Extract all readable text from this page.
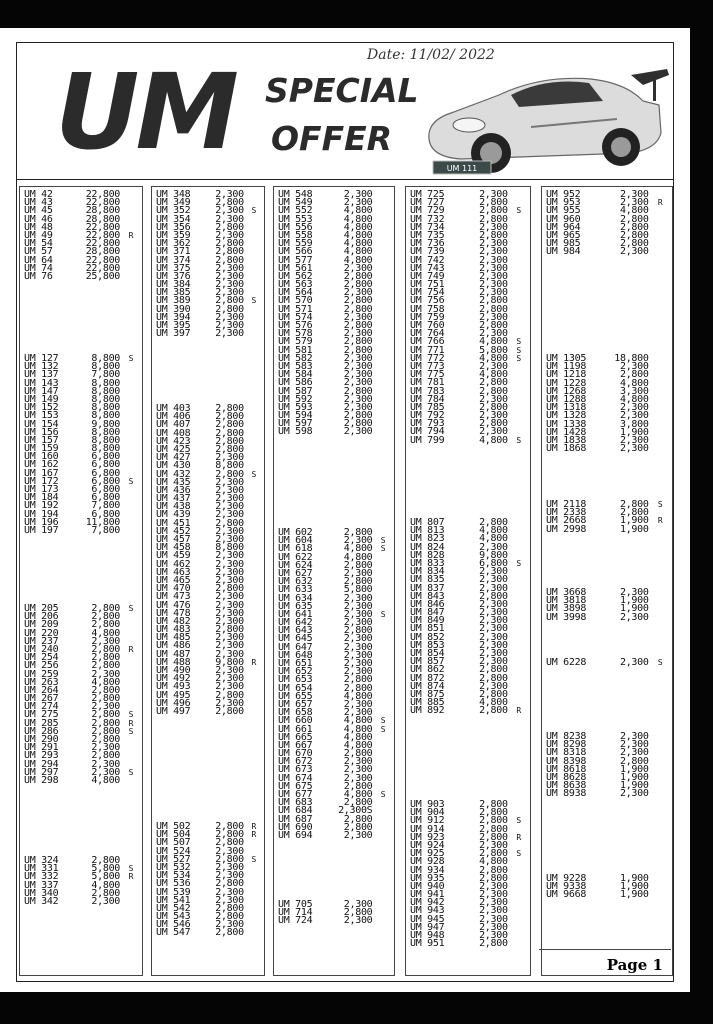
UM SPECIAL
OFFER
Date: 11/02/ 2022
UM 111
UM 42	22,800
UM 43	22,800
UM 45	28,800
UM 46	28,800
UM 48	22,800
UM 49	22,800	R
UM 54	22,800
UM 57	28,800
UM 64	22,800
UM 74	22,800
UM 76	25,800
UM 127	8,800	S
UM 132	8,800
UM 137	7,800
UM 143	8,800
UM 147	8,800
UM 149	8,800
UM 152	8,800
UM 153	8,800
UM 154	9,800
UM 156	8,800
UM 157	8,800
UM 159	8,800
UM 160	6,800
UM 162	6,800
UM 167	6,800
UM 172	6,800	S
UM 173	6,800
UM 184	6,800
UM 192	7,800
UM 194	6,800
UM 196	11,800
UM 197	7,800
UM 205	2,800	S
UM 206	2,800
UM 209	2,800
UM 220	4,800
UM 237	2,300
UM 240	2,800	R
UM 254	2,800
UM 256	2,800
UM 259	2,300
UM 263	4,800
UM 264	2,800
UM 267	2,800
UM 274	2,300
UM 275	2,800	S
UM 285	2,800	R
UM 286	2,800	S
UM 290	2,800
UM 291	2,300
UM 293	2,800
UM 294	2,300
UM 297	2,300	S
UM 298	4,800
UM 324	2,800
UM 331	5,800	S
UM 332	5,800	R
UM 337	4,800
UM 340	2,800
UM 342	2,300
UM 348	2,300
UM 349	2,800
UM 352	2,300 S
UM 354	2,300
UM 356	2,800
UM 359	2,300
UM 362	2,800
UM 371	2,800
UM 374	2,800
UM 375	2,300
UM 376	2,300
UM 384	2,300
UM 385	2,300
UM 389	2,800 S
UM 390	2,800
UM 394	2,300
UM 395	2,300
UM 397	2,300
UM 403	2,800
UM 406	2,800
UM 407	2,800
UM 408	2,800
UM 423	2,800
UM 425	2,800
UM 427	2,300
UM 430	8,800
UM 432	2,800 S
UM 435	2,300
UM 436	2,300
UM 437	2,300
UM 438	2,300
UM 439	2,300
UM 451	2,800
UM 452	2,300
UM 457	2,300
UM 458	8,800
UM 459	2,300
UM 462	2,300
UM 463	2,300
UM 465	2,300
UM 470	2,800
UM 473	2,300
UM 476	2,300
UM 478	2,300
UM 482	2,300
UM 483	2,800
UM 485	2,300
UM 486	2,300
UM 487	2,300
UM 488	9,800 R
UM 490	2,300
UM 492	2,300
UM 493	2,300
UM 495	2,800
UM 496	2,300
UM 497	2,800
UM 502	2,800 R
UM 504	2,800 R
UM 507	2,800
UM 524	2,300
UM 527	2,800 S
UM 532	2,300
UM 534	2,300
UM 536	2,800
UM 539	2,300
UM 541	2,300
UM 542	2,800
UM 543	2,800
UM 546	2,300
UM 547	2,800
UM 548	2,300
UM 549	2,300
UM 552	4,800
UM 553	4,800
UM 556	4,800
UM 558	4,800
UM 559	4,800
UM 566	4,800
UM 577	4,800
UM 561	2,300
UM 562	2,800
UM 563	2,800
UM 564	2,300
UM 570	2,800
UM 571	2,800
UM 574	2,300
UM 576	2,800
UM 578	2,300
UM 579	2,800
UM 581	2,800
UM 582	2,300
UM 583	2,300
UM 584	2,300
UM 586	2,300
UM 587	2,800
UM 592	2,300
UM 593	2,300
UM 594	2,800
UM 597	2,800
UM 598	2,300
UM 602	2,800
UM 604	2,300	S
UM 618	4,800	S
UM 622	4,800
UM 624	2,800
UM 627	2,300
UM 632	2,800
UM 633	5,800
UM 634	2,300
UM 635	2,300
UM 641	2,300	S
UM 642	2,300
UM 643	2,800
UM 645	2,300
UM 647	2,300
UM 648	2,300
UM 651	2,300
UM 652	2,300
UM 653	2,800
UM 654	2,800
UM 655	4,800
UM 657	2,300
UM 658	2,300
UM 660	4,800	S
UM 661	4,800	S
UM 665	4,800
UM 667	4,800
UM 670	2,800
UM 672	2,300
UM 673	2,300
UM 674	2,300
UM 675	2,800
UM 677	4,800	S
UM 683	2,800
UM 684	2,300S
UM 687	2,800
UM 690	2,800
UM 694	2,300
UM 705	2,300
UM 714	2,800
UM 724	2,300
UM 725	2,300
UM 727	2,800
UM 729	2,800	S
UM 732	2,800
UM 734	2,300
UM 735	2,800
UM 736	2,300
UM 739	2,300
UM 742	2,300
UM 743	2,300
UM 749	2,300
UM 751	2,300
UM 754	2,300
UM 756	2,800
UM 758	2,800
UM 759	2,300
UM 760	2,800
UM 764	2,300
UM 766	4,800	S
UM 771	5,800	S
UM 772	4,800	S
UM 773	2,300
UM 775	4,800
UM 781	2,800
UM 783	2,800
UM 784	2,300
UM 785	2,800
UM 792	2,300
UM 793	2,800
UM 794	2,300
UM 799	4,800	S
UM 807	2,800
UM 813	4,800
UM 823	4,800
UM 824	2,300
UM 828	9,800
UM 833	6,800	S
UM 834	2,300
UM 835	2,300
UM 837	2,300
UM 843	2,800
UM 846	2,300
UM 847	2,300
UM 849	2,300
UM 851	2,300
UM 852	2,300
UM 853	2,300
UM 854	2,300
UM 857	2,300
UM 862	2,800
UM 872	2,800
UM 874	2,300
UM 875	2,800
UM 885	4,800
UM 892	2,800	R
UM 903	2,800
UM 904	2,800
UM 912	2,800	S
UM 914	2,800
UM 923	2,800	R
UM 924	2,300
UM 925	2,800	S
UM 928	4,800
UM 934	2,800
UM 935	2,800
UM 940	2,300
UM 941	2,300
UM 942	2,300
UM 943	2,300
UM 945	2,300
UM 947	2,300
UM 948	2,300
UM 951	2,800
UM 952	2,300
UM 953	2,300	R
UM 955	4,800
UM 960	2,800
UM 964	2,800
UM 965	2,800
UM 985	2,800
UM 984	2,300
UM 1305	18,800
UM 1198	2,300
UM 1218	2,800
UM 1228	4,800
UM 1268	3,300
UM 1288	4,800
UM 1318	2,300
UM 1328	2,300
UM 1338	3,800
UM 1428	1,900
UM 1838	2,300
UM 1868	2,300
UM 2118	2,800	S
UM 2338	2,800
UM 2668	1,900	R
UM 2998	1,900
UM 3668	2,300
UM 3818	1,900
UM 3898	1,900
UM 3998	2,300
UM 6228	2,300	S
UM 8238	2,300
UM 8298	2,300
UM 8318	2,300
UM 8398	2,800
UM 8618	1,900
UM 8628	1,900
UM 8638	1,900
UM 8938	2,300
UM 9228	1,900
UM 9338	1,900
UM 9668	1,900
Page 1
